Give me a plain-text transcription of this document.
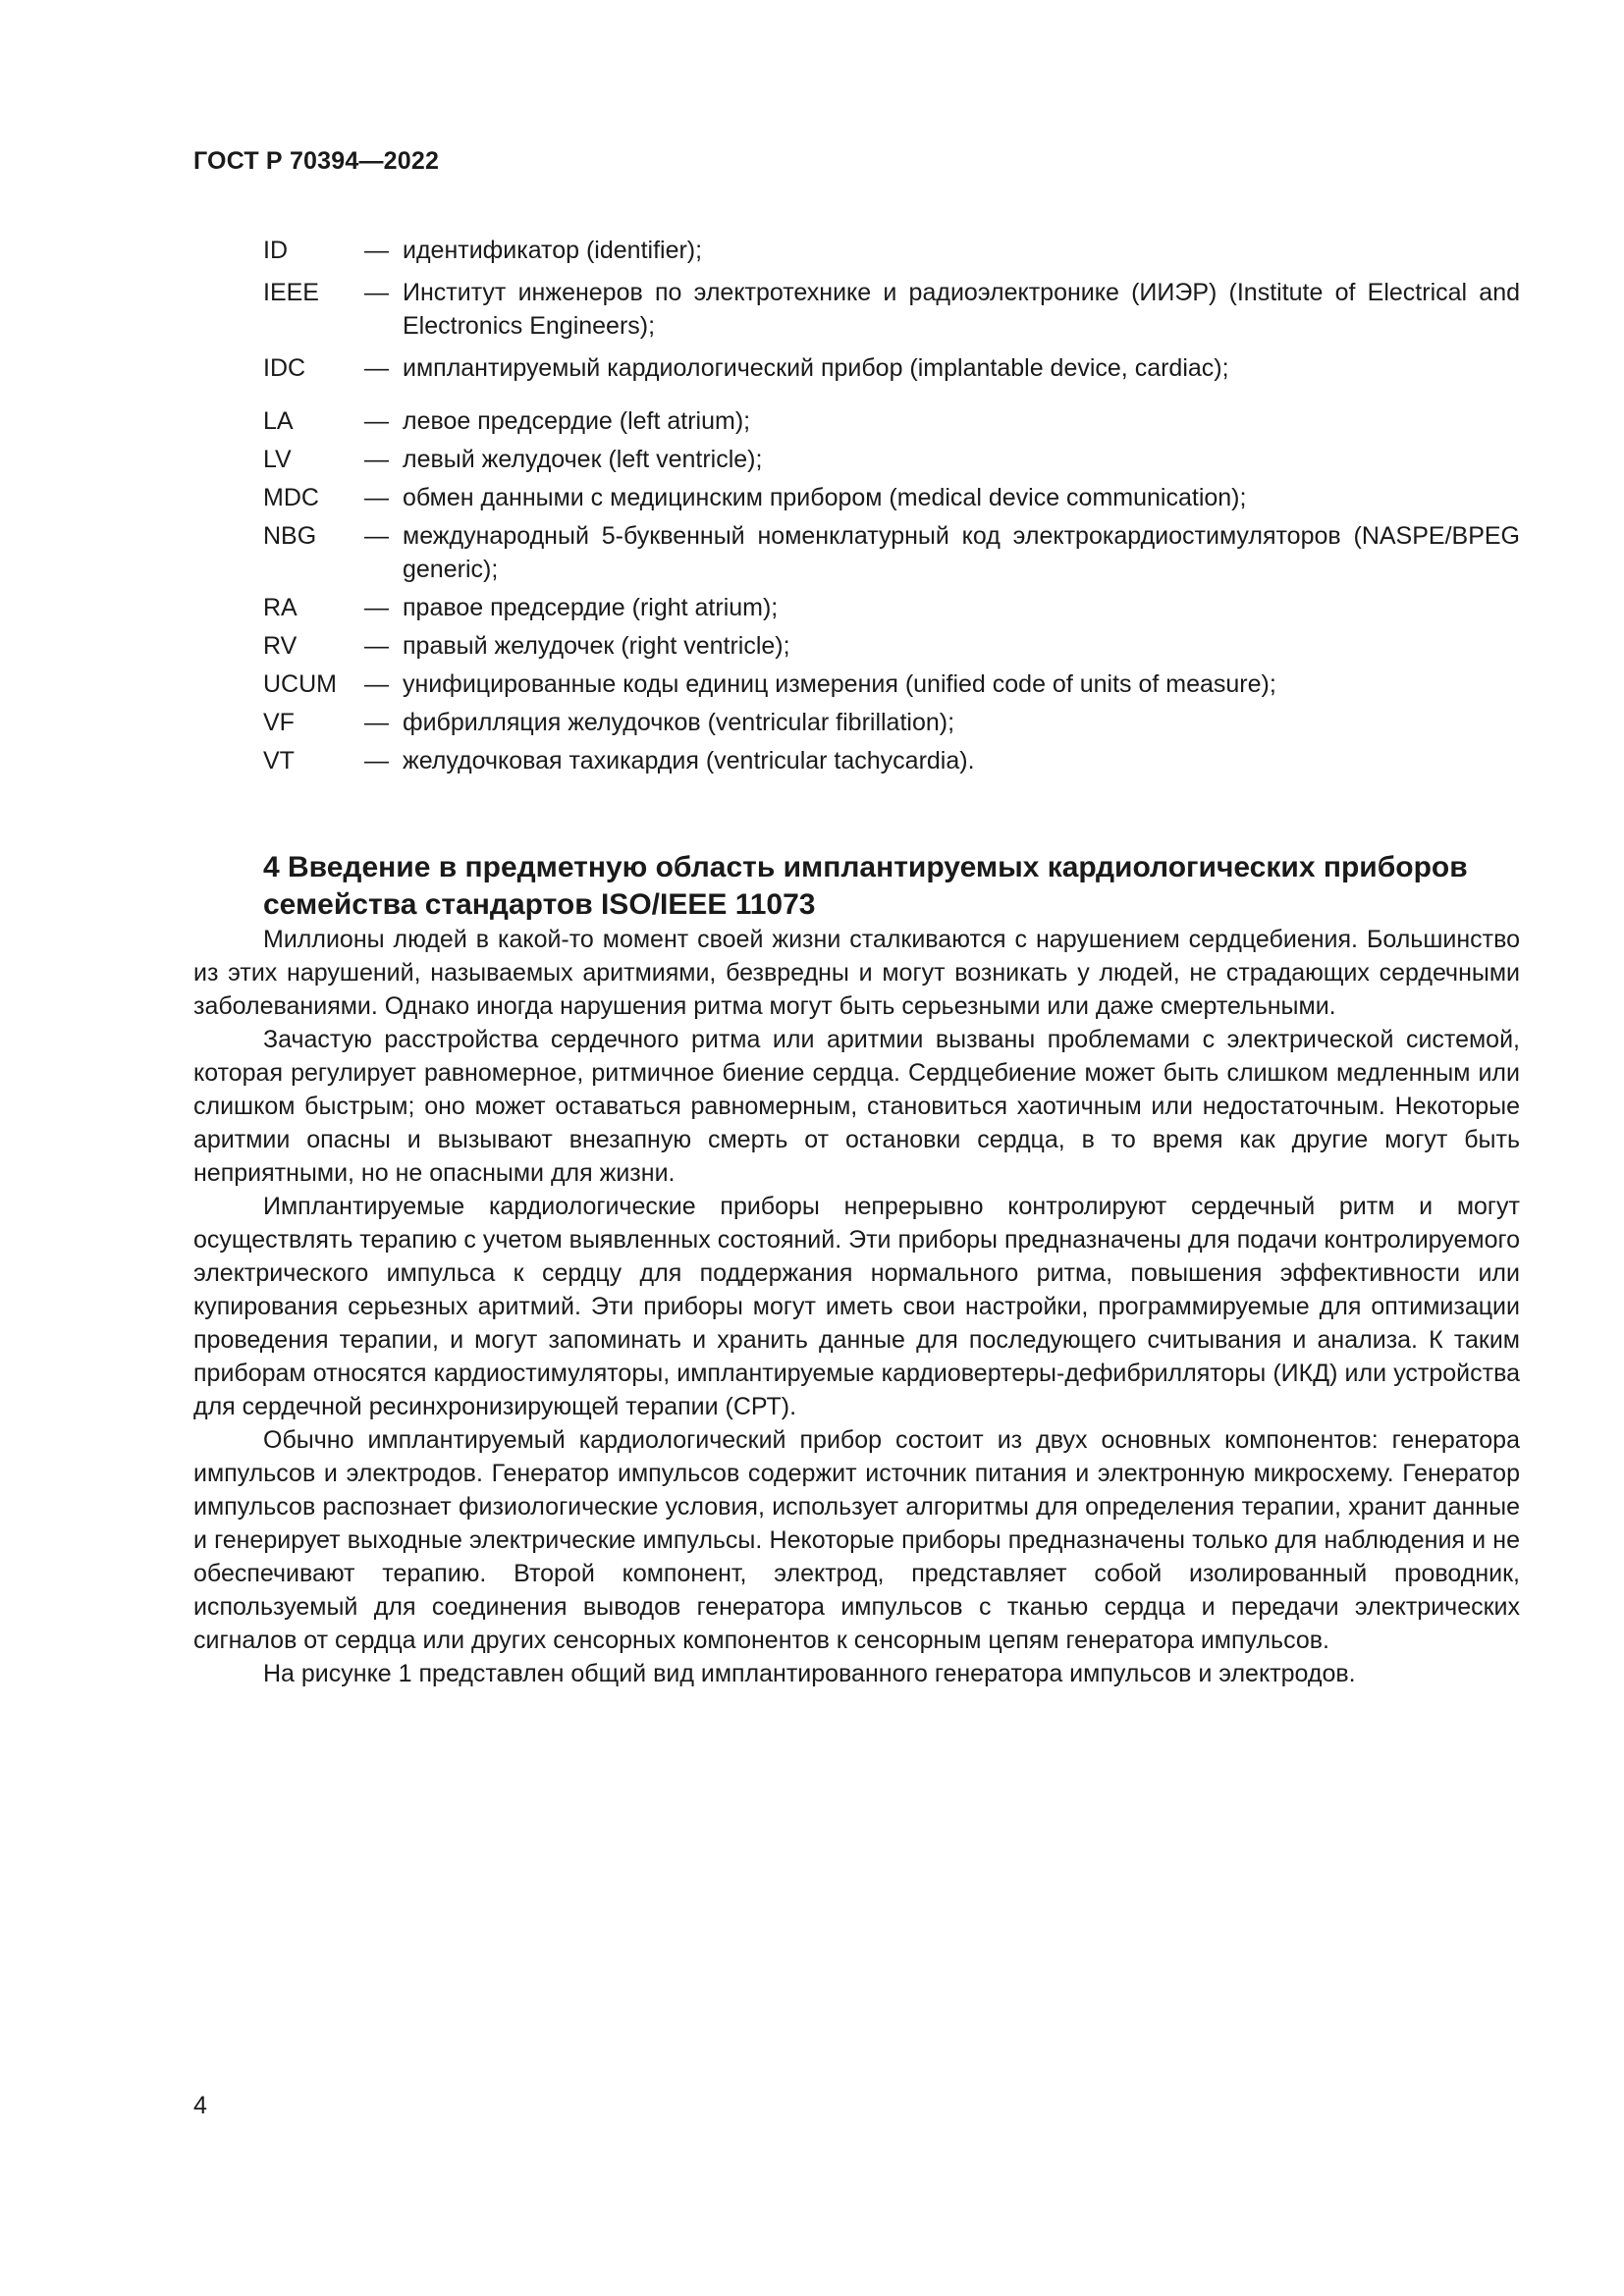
ГОСТ Р 70394—2022
ID	— идентификатор (identifier);
IEEE	— Институт инженеров по электротехнике и радиоэлектронике (ИИЭР) (Institute of Electrical and Electronics Engineers);
IDC	— имплантируемый кардиологический прибор (implantable device, cardiac);
LA	— левое предсердие (left atrium);
LV	— левый желудочек (left ventricle);
MDC	— обмен данными с медицинским прибором (medical device communication);
NBG	— международный 5-буквенный номенклатурный код электрокардиостимуляторов (NASPE/BPEG generic);
RA	— правое предсердие (right atrium);
RV	— правый желудочек (right ventricle);
UCUM	— унифицированные коды единиц измерения (unified code of units of measure);
VF	— фибрилляция желудочков (ventricular fibrillation);
VT	— желудочковая тахикардия (ventricular tachycardia).
4 Введение в предметную область имплантируемых кардиологических приборов семейства стандартов ISO/IEEE 11073

Миллионы людей в какой-то момент своей жизни сталкиваются с нарушением сердцебиения. Большинство из этих нарушений, называемых аритмиями, безвредны и могут возникать у людей, не страдающих сердечными заболеваниями. Однако иногда нарушения ритма могут быть серьезными или даже смертельными.

Зачастую расстройства сердечного ритма или аритмии вызваны проблемами с электрической системой, которая регулирует равномерное, ритмичное биение сердца. Сердцебиение может быть слишком медленным или слишком быстрым; оно может оставаться равномерным, становиться хаотичным или недостаточным. Некоторые аритмии опасны и вызывают внезапную смерть от остановки сердца, в то время как другие могут быть неприятными, но не опасными для жизни.

Имплантируемые кардиологические приборы непрерывно контролируют сердечный ритм и могут осуществлять терапию с учетом выявленных состояний. Эти приборы предназначены для подачи контролируемого электрического импульса к сердцу для поддержания нормального ритма, повышения эффективности или купирования серьезных аритмий. Эти приборы могут иметь свои настройки, программируемые для оптимизации проведения терапии, и могут запоминать и хранить данные для последующего считывания и анализа. К таким приборам относятся кардиостимуляторы, имплантируемые кардиовертеры-дефибрилляторы (ИКД) или устройства для сердечной ресинхронизирующей терапии (СРТ).

Обычно имплантируемый кардиологический прибор состоит из двух основных компонентов: генератора импульсов и электродов. Генератор импульсов содержит источник питания и электронную микросхему. Генератор импульсов распознает физиологические условия, использует алгоритмы для определения терапии, хранит данные и генерирует выходные электрические импульсы. Некоторые приборы предназначены только для наблюдения и не обеспечивают терапию. Второй компонент, электрод, представляет собой изолированный проводник, используемый для соединения выводов генератора импульсов с тканью сердца и передачи электрических сигналов от сердца или других сенсорных компонентов к сенсорным цепям генератора импульсов.

На рисунке 1 представлен общий вид имплантированного генератора импульсов и электродов.

4
